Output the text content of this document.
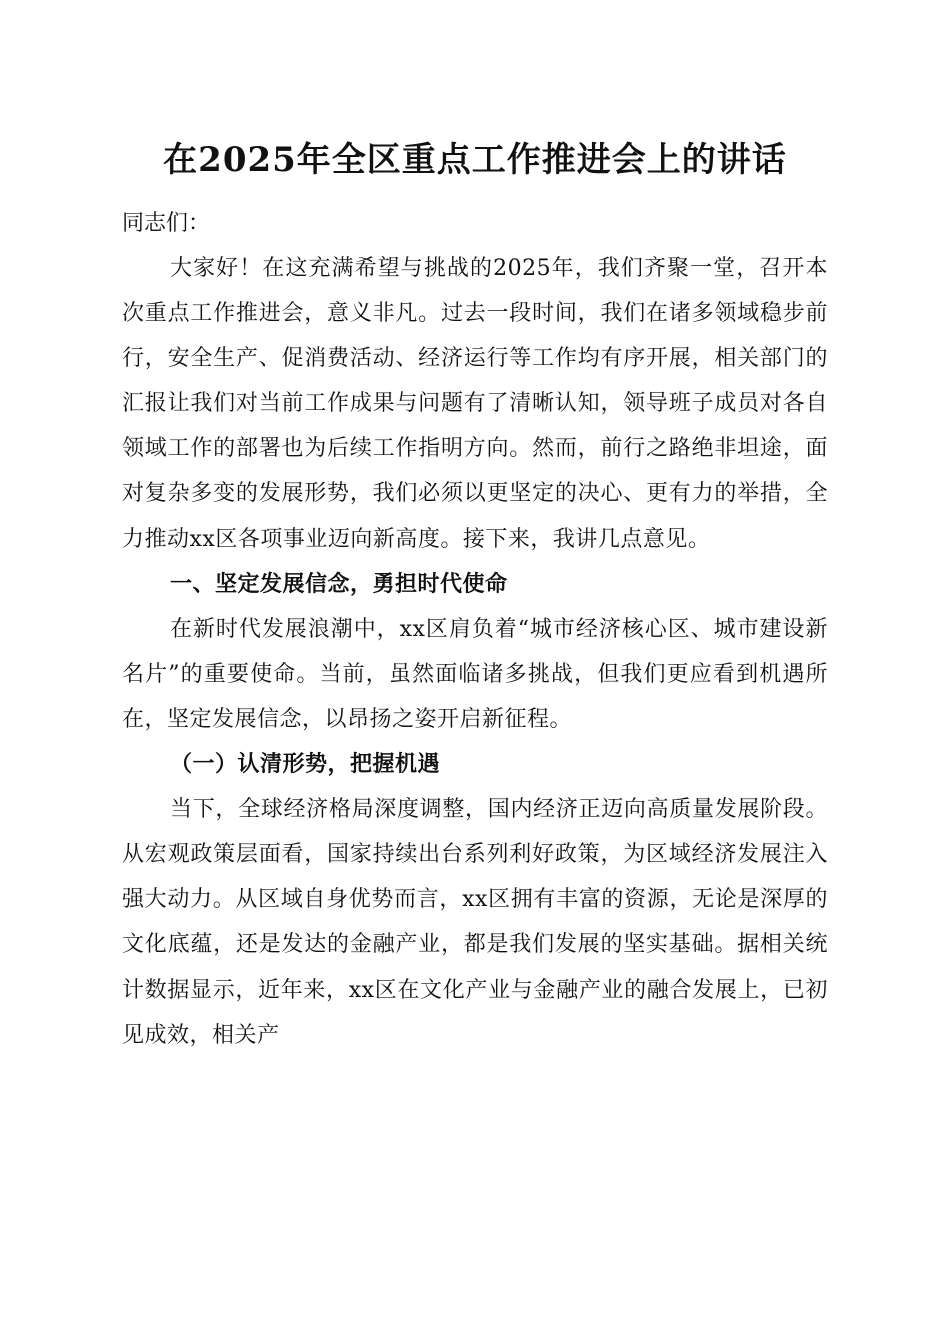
在2025年全区重点工作推进会上的讲话

同志们：

大家好！在这充满希望与挑战的2025年，我们齐聚一堂，召开本次重点工作推进会，意义非凡。过去一段时间，我们在诸多领域稳步前行，安全生产、促消费活动、经济运行等工作均有序开展，相关部门的汇报让我们对当前工作成果与问题有了清晰认知，领导班子成员对各自领域工作的部署也为后续工作指明方向。然而，前行之路绝非坦途，面对复杂多变的发展形势，我们必须以更坚定的决心、更有力的举措，全力推动xx区各项事业迈向新高度。接下来，我讲几点意见。

一、坚定发展信念，勇担时代使命

在新时代发展浪潮中，xx区肩负着“城市经济核心区、城市建设新名片”的重要使命。当前，虽然面临诸多挑战，但我们更应看到机遇所在，坚定发展信念，以昂扬之姿开启新征程。

（一）认清形势，把握机遇

当下，全球经济格局深度调整，国内经济正迈向高质量发展阶段。从宏观政策层面看，国家持续出台系列利好政策，为区域经济发展注入强大动力。从区域自身优势而言，xx区拥有丰富的资源，无论是深厚的文化底蕴，还是发达的金融产业，都是我们发展的坚实基础。据相关统计数据显示，近年来，xx区在文化产业与金融产业的融合发展上，已初见成效，相关产
